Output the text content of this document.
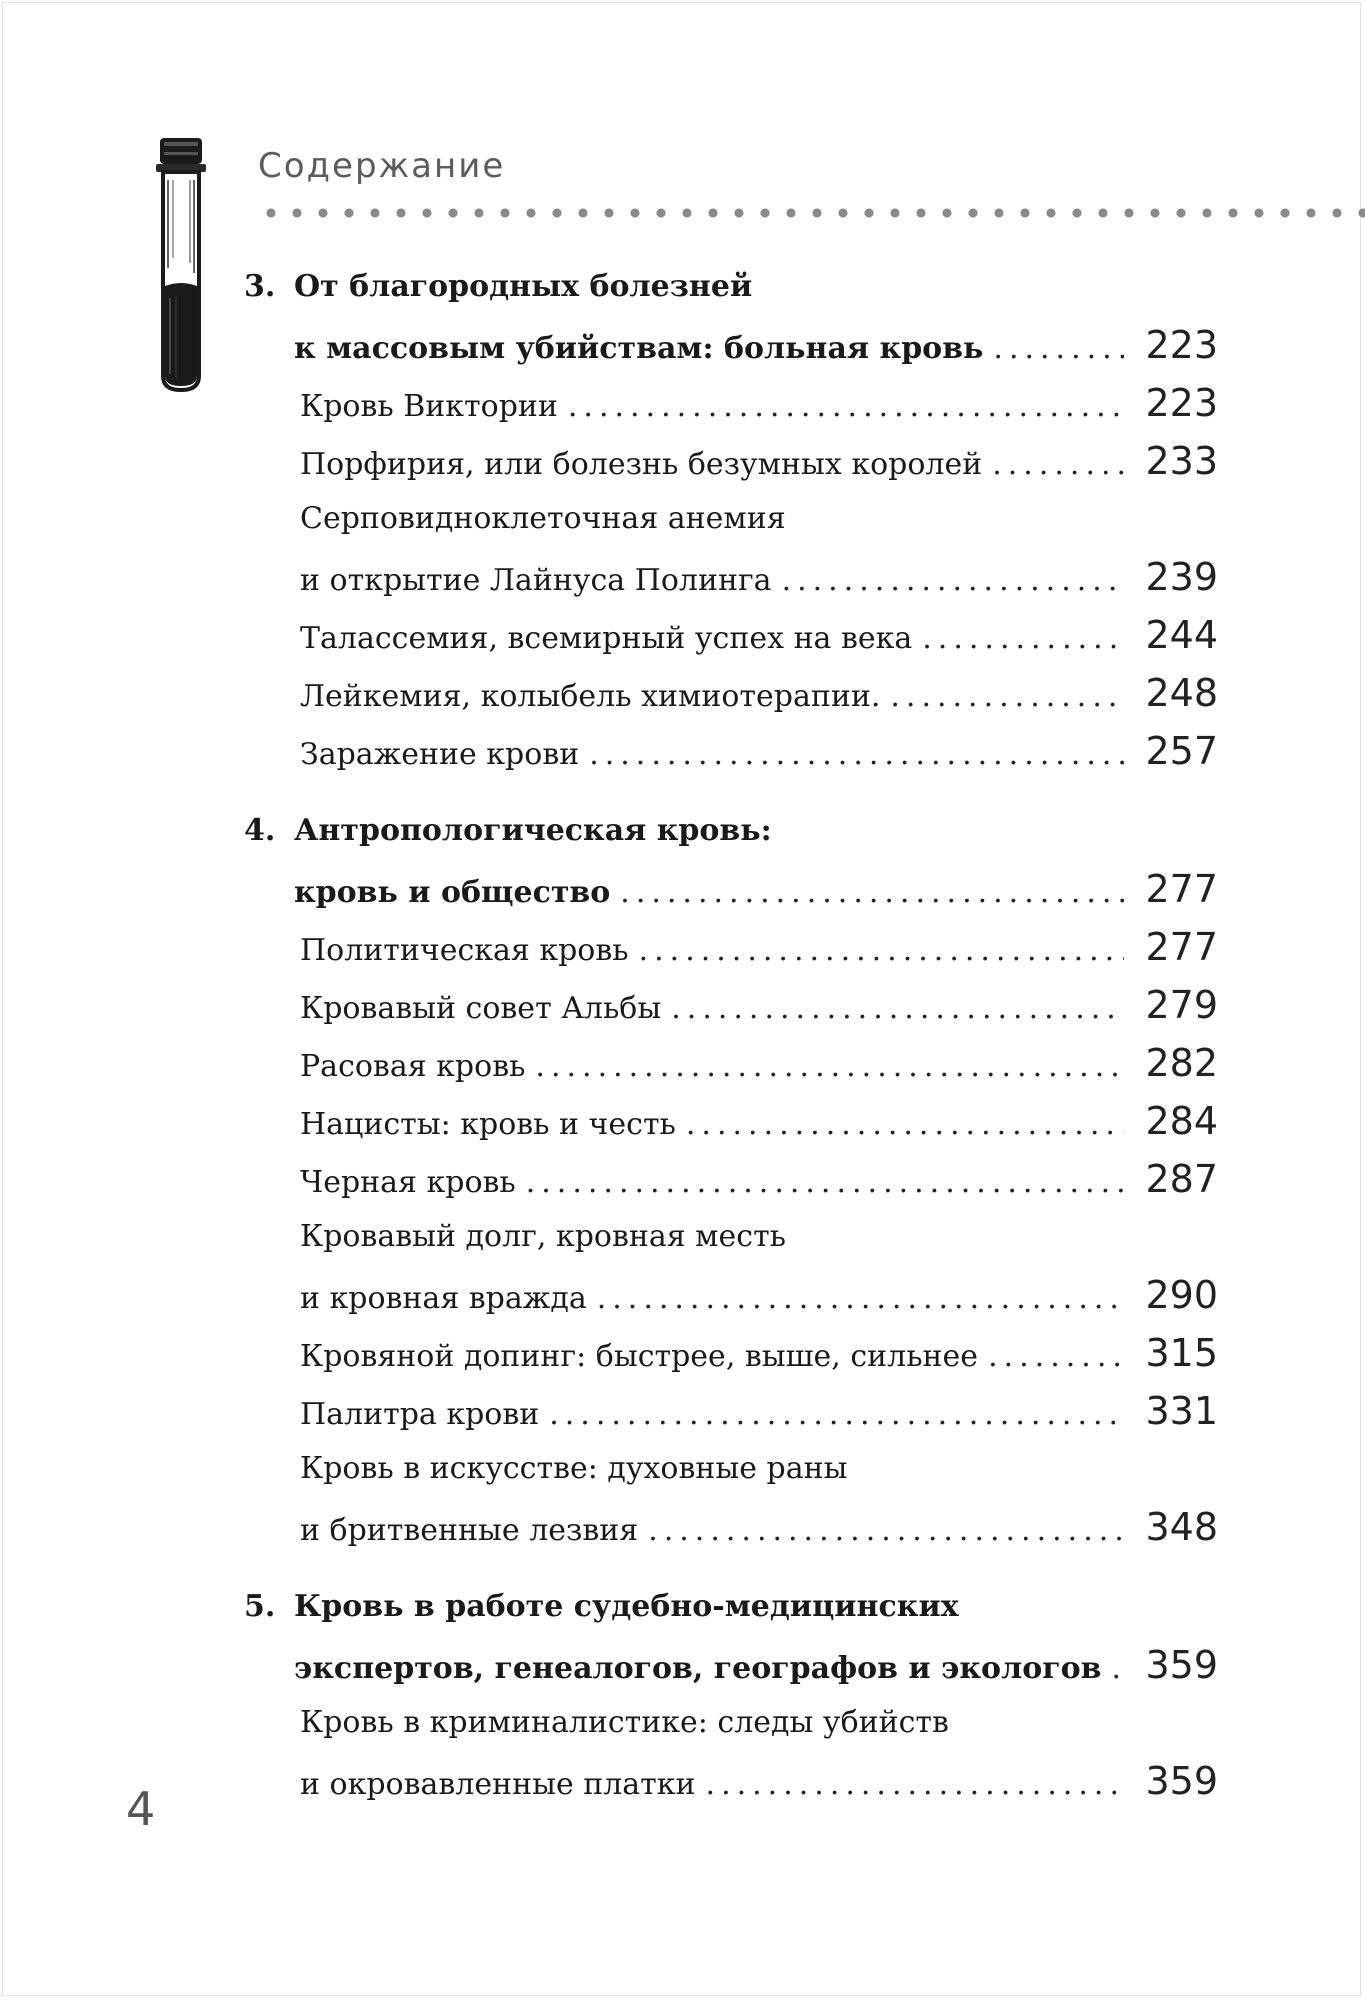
Содержание
3. От благородных болезней
к массовым убийствам: больная кровь .....	223
Кровь Виктории .....	223
Порфирия, или болезнь безумных королей .....	233
Серповидноклеточная анемия
и открытие Лайнуса Полинга .....	239
Талассемия, всемирный успех на века .....	244
Лейкемия, колыбель химиотерапии. .....	248
Заражение крови .....	257
4. Антропологическая кровь:
кровь и общество .....	277
Политическая кровь .....	277
Кровавый совет Альбы .....	279
Расовая кровь .....	282
Нацисты: кровь и честь .....	284
Черная кровь .....	287
Кровавый долг, кровная месть
и кровная вражда .....	290
Кровяной допинг: быстрее, выше, сильнее .....	315
Палитра крови .....	331
Кровь в искусстве: духовные раны
и бритвенные лезвия .....	348
5. Кровь в работе судебно-медицинских
экспертов, генеалогов, географов и экологов .....	359
Кровь в криминалистике: следы убийств
и окровавленные платки .....	359
4
